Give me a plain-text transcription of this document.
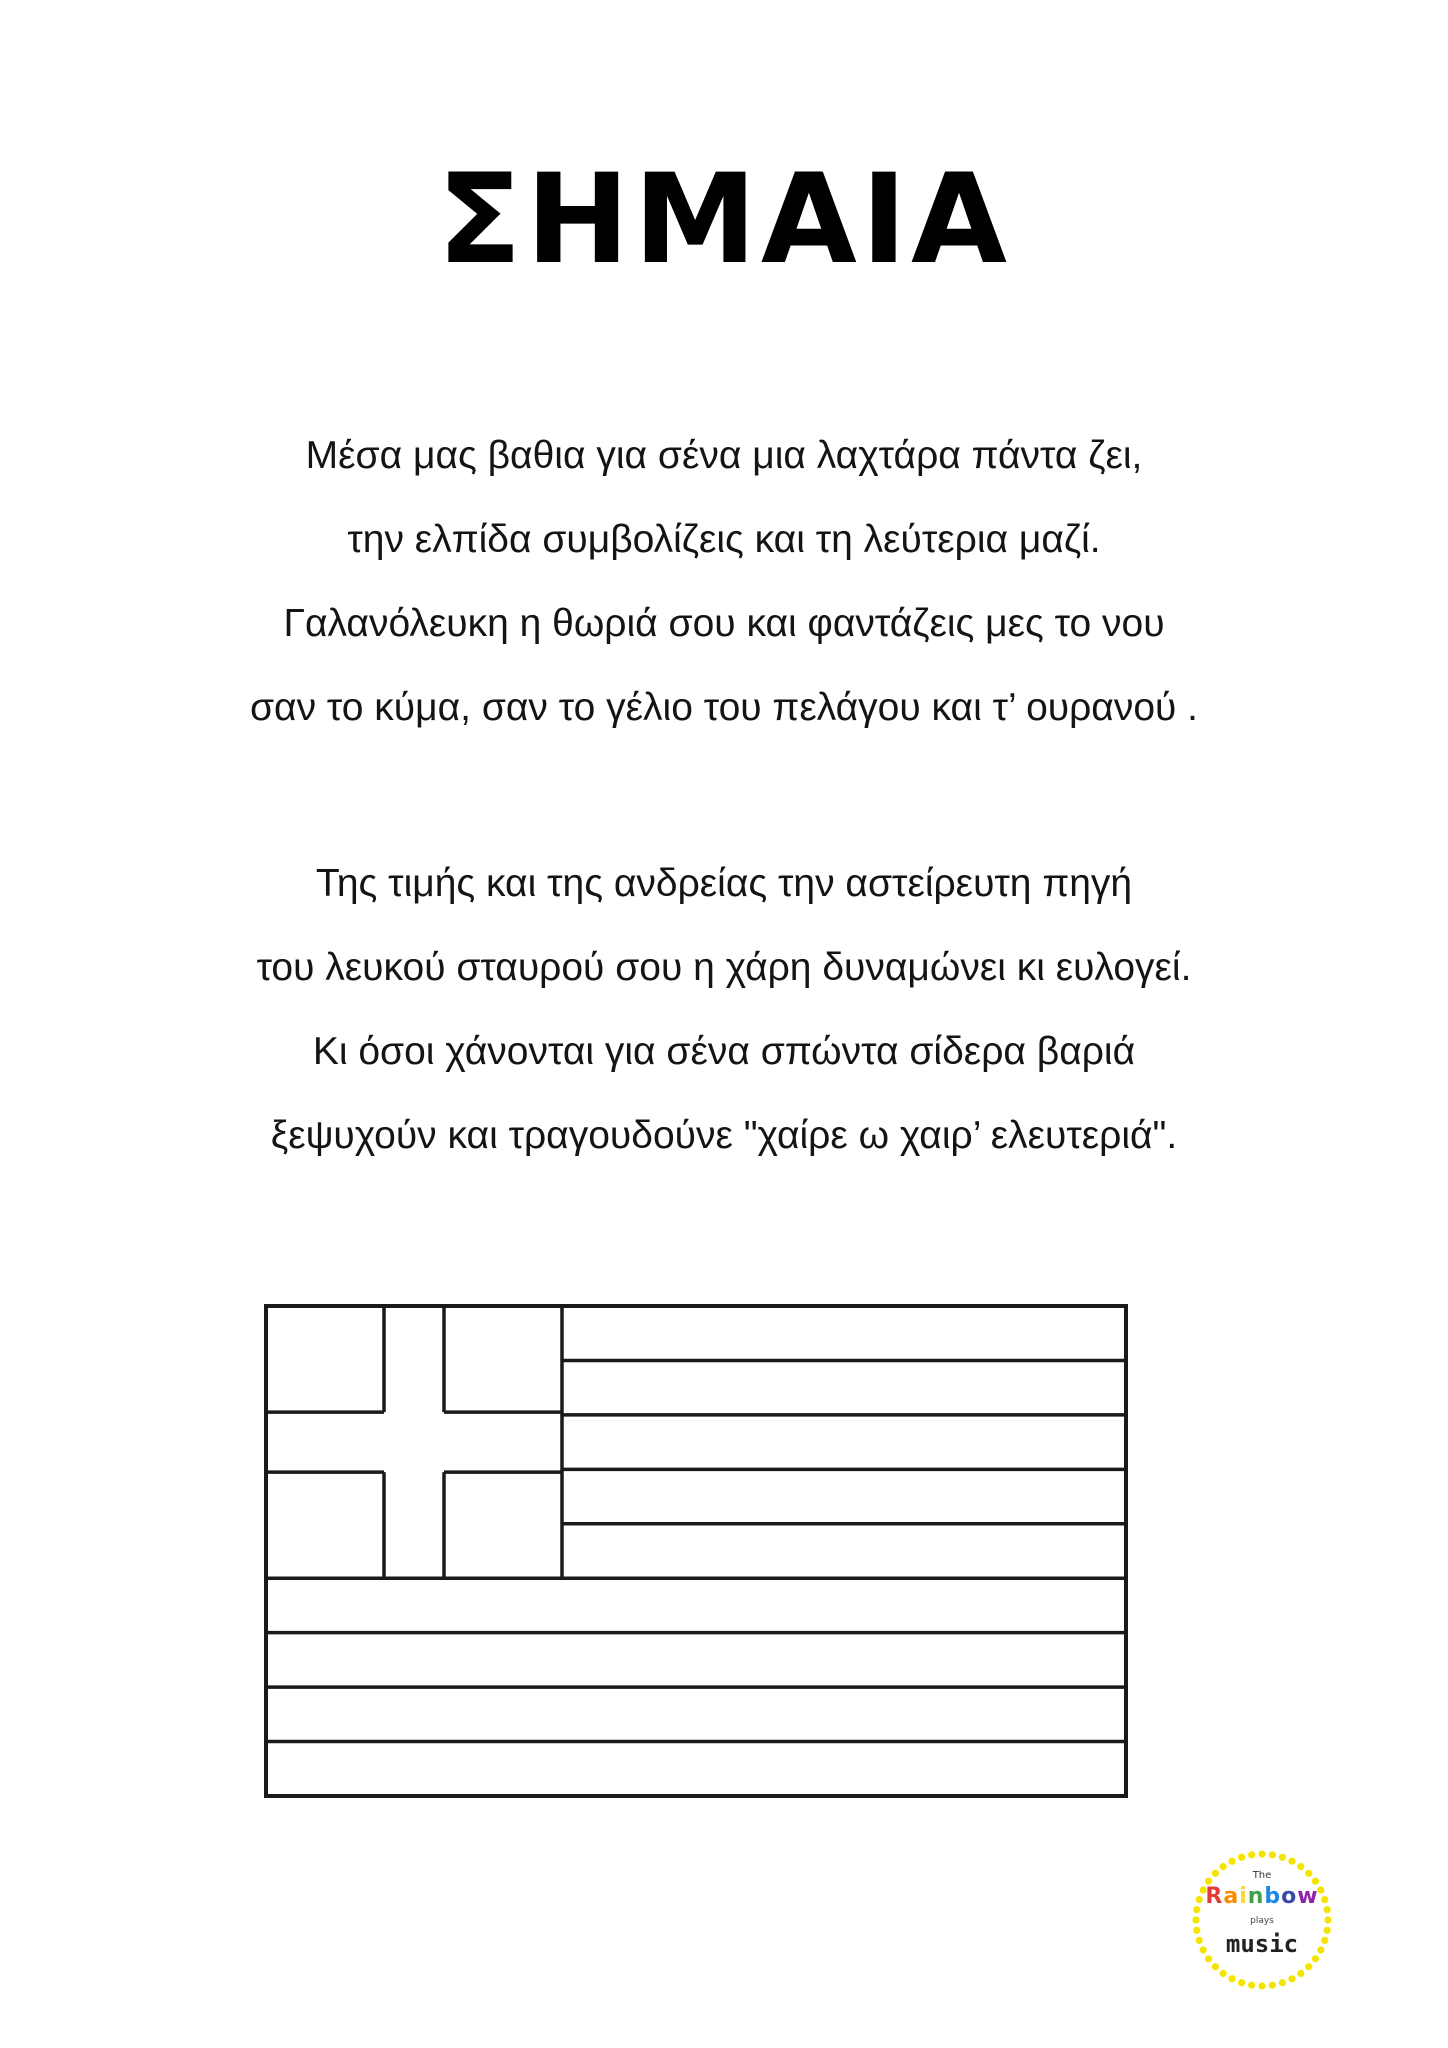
ΣΗΜΑΙΑ
Μέσα μας βαθια για σένα μια λαχτάρα πάντα ζει,
την ελπίδα συμβολίζεις και τη λεύτερια μαζί.
Γαλανόλευκη η θωριά σου και φαντάζεις μες το νου
σαν το κύμα, σαν το γέλιο του πελάγου και τ’ ουρανού .
Της τιμής και της ανδρείας την αστείρευτη πηγή
του λευκού σταυρού σου η χάρη δυναμώνει κι ευλογεί.
Κι όσοι χάνονται για σένα σπώντα σίδερα βαριά
ξεψυχούν και τραγουδούνε "χαίρε ω χαιρ’ ελευτεριά".
The
Rainbow
plays
music
